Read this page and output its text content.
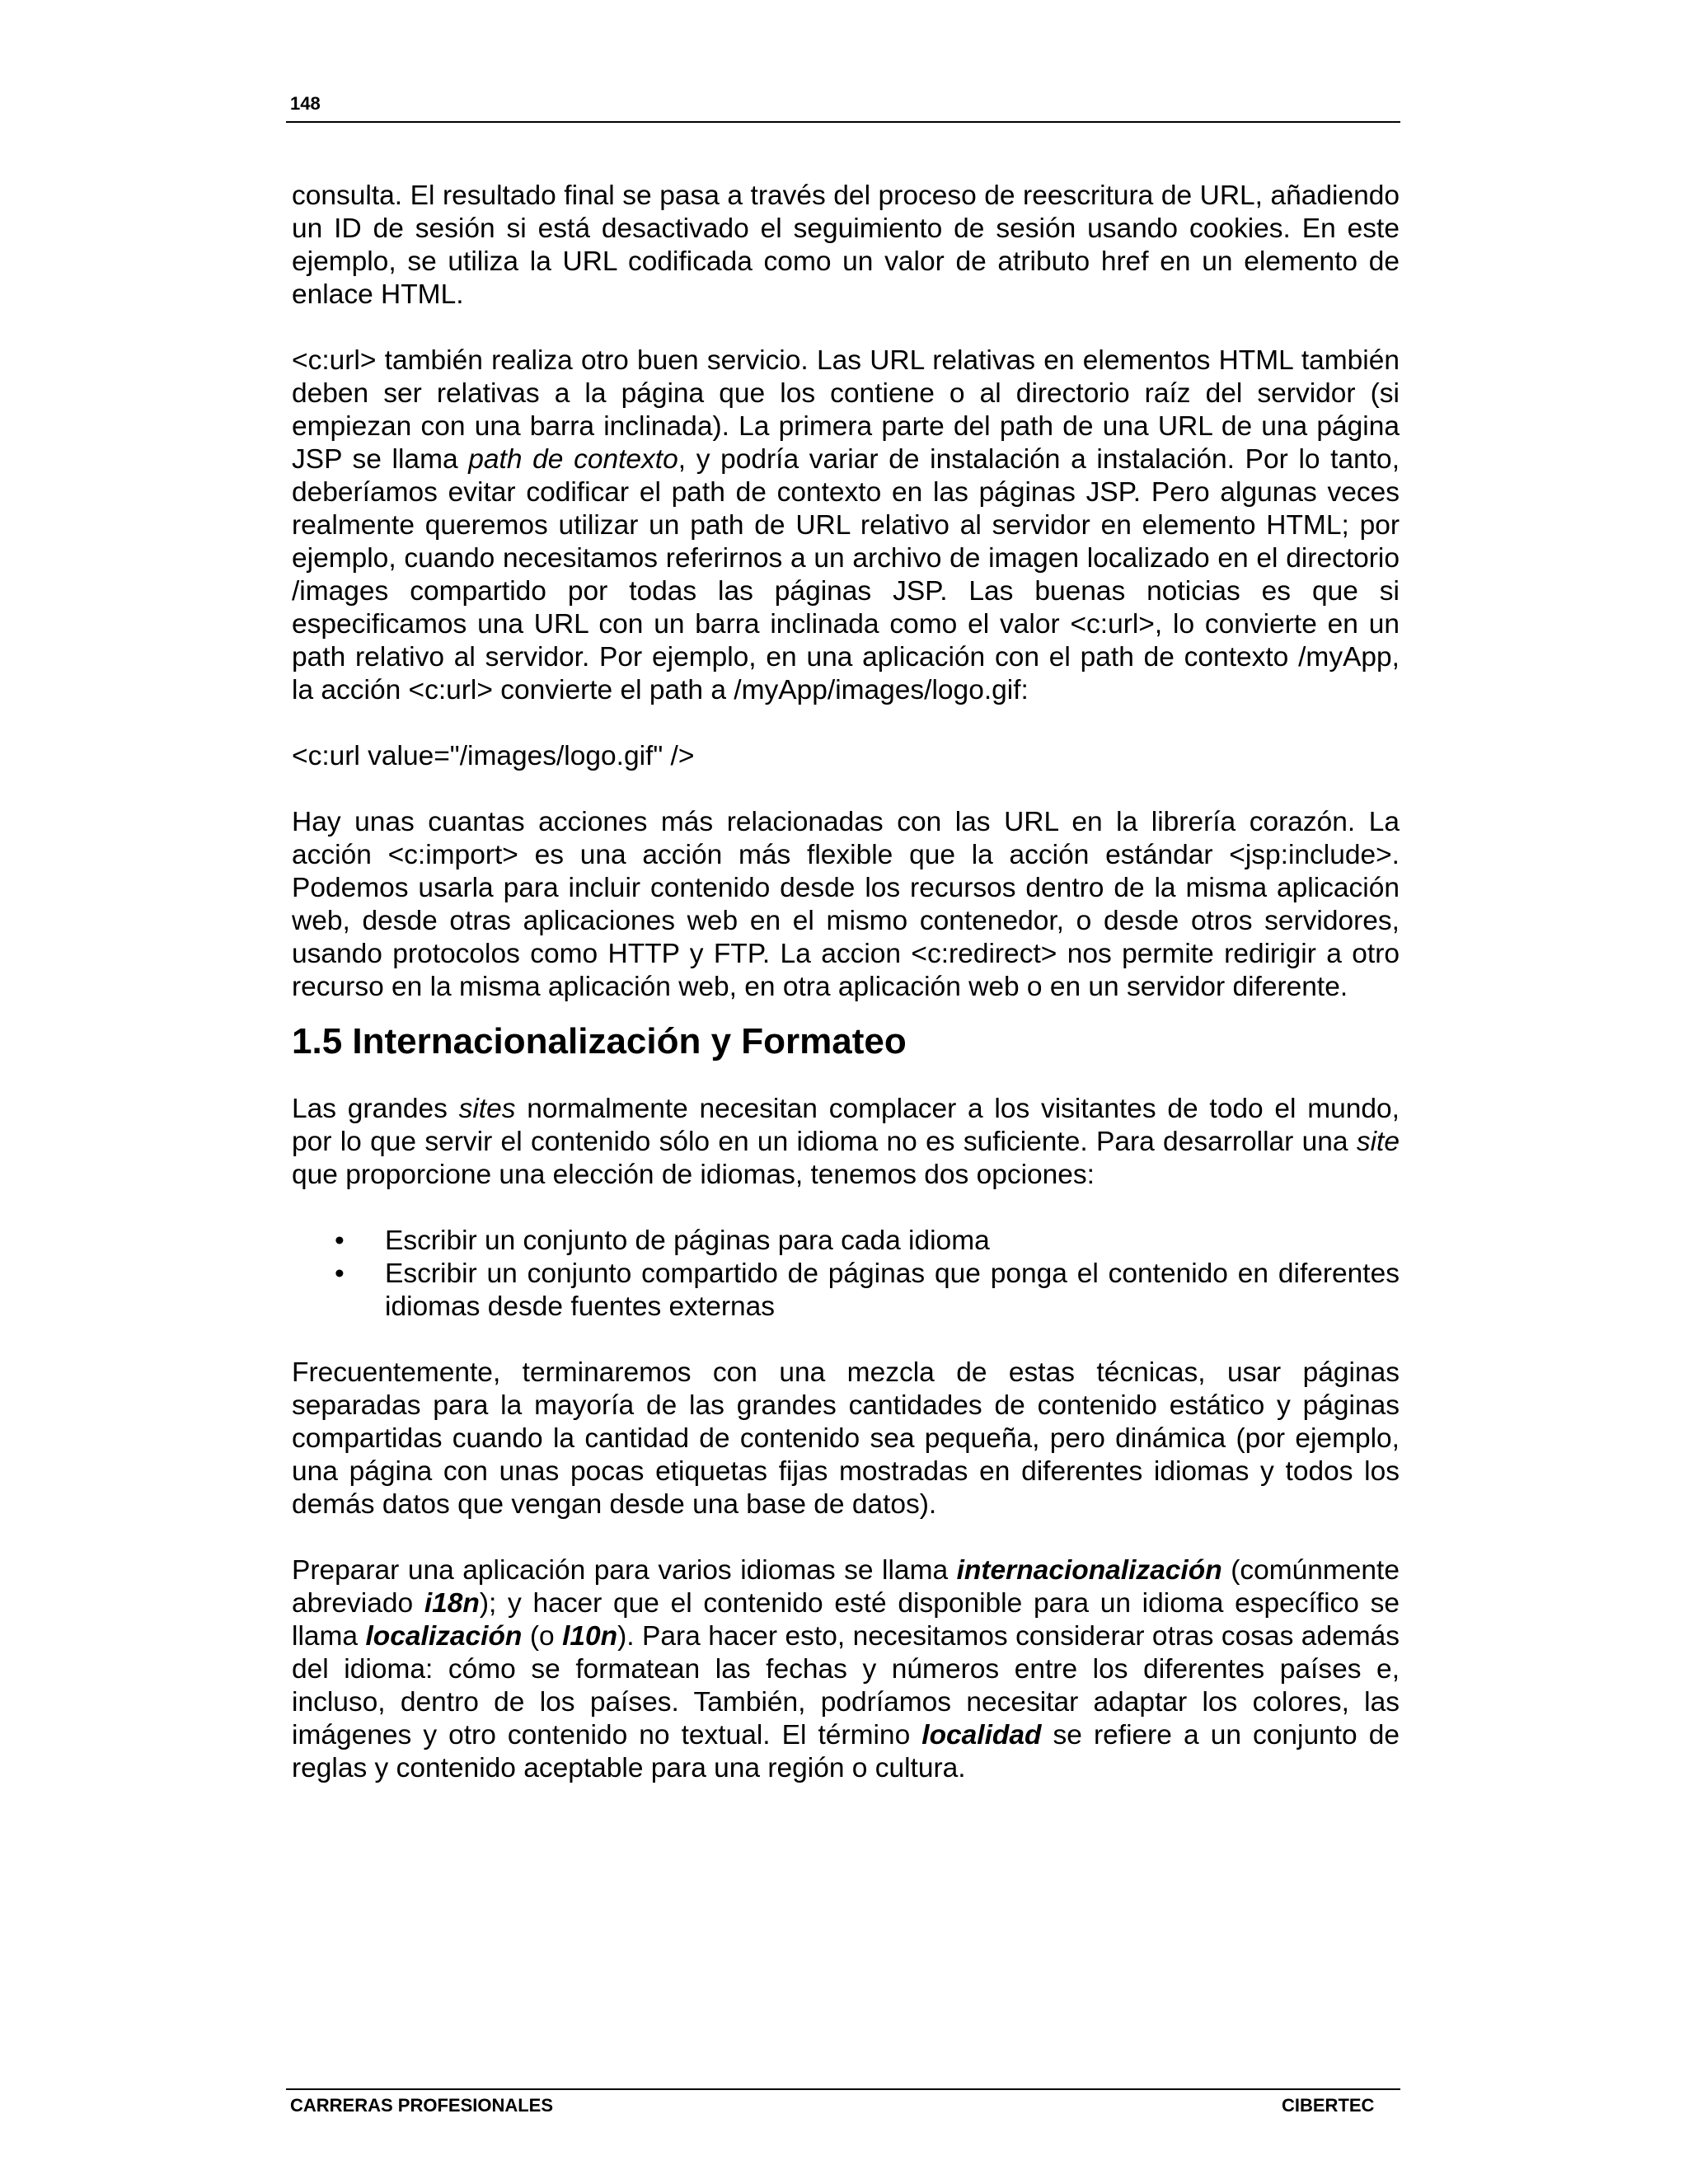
148

consulta. El resultado final se pasa a través del proceso de reescritura de URL, añadiendo un ID de sesión si está desactivado el seguimiento de sesión usando cookies. En este ejemplo, se utiliza la URL codificada como un valor de atributo href en un elemento de enlace HTML.

<c:url> también realiza otro buen servicio. Las URL relativas en elementos HTML también deben ser relativas a la página que los contiene o al directorio raíz del servidor (si empiezan con una barra inclinada). La primera parte del path de una URL de una página JSP se llama path de contexto, y podría variar de instalación a instalación. Por lo tanto, deberíamos evitar codificar el path de contexto en las páginas JSP. Pero algunas veces realmente queremos utilizar un path de URL relativo al servidor en elemento HTML; por ejemplo, cuando necesitamos referirnos a un archivo de imagen localizado en el directorio /images compartido por todas las páginas JSP. Las buenas noticias es que si especificamos una URL con un barra inclinada como el valor <c:url>, lo convierte en un path relativo al servidor. Por ejemplo, en una aplicación con el path de contexto /myApp, la acción <c:url> convierte el path a /myApp/images/logo.gif:

<c:url value="/images/logo.gif" />

Hay unas cuantas acciones más relacionadas con las URL en la librería corazón. La acción <c:import> es una acción más flexible que la acción estándar <jsp:include>. Podemos usarla para incluir contenido desde los recursos dentro de la misma aplicación web, desde otras aplicaciones web en el mismo contenedor, o desde otros servidores, usando protocolos como HTTP y FTP. La accion <c:redirect> nos permite redirigir a otro recurso en la misma aplicación web, en otra aplicación web o en un servidor diferente.

1.5 Internacionalización y Formateo

Las grandes sites normalmente necesitan complacer a los visitantes de todo el mundo, por lo que servir el contenido sólo en un idioma no es suficiente. Para desarrollar una site que proporcione una elección de idiomas, tenemos dos opciones:

• Escribir un conjunto de páginas para cada idioma
• Escribir un conjunto compartido de páginas que ponga el contenido en diferentes idiomas desde fuentes externas

Frecuentemente, terminaremos con una mezcla de estas técnicas, usar páginas separadas para la mayoría de las grandes cantidades de contenido estático y páginas compartidas cuando la cantidad de contenido sea pequeña, pero dinámica (por ejemplo, una página con unas pocas etiquetas fijas mostradas en diferentes idiomas y todos los demás datos que vengan desde una base de datos).

Preparar una aplicación para varios idiomas se llama internacionalización (comúnmente abreviado i18n); y hacer que el contenido esté disponible para un idioma específico se llama localización (o l10n). Para hacer esto, necesitamos considerar otras cosas además del idioma: cómo se formatean las fechas y números entre los diferentes países e, incluso, dentro de los países. También, podríamos necesitar adaptar los colores, las imágenes y otro contenido no textual. El término localidad se refiere a un conjunto de reglas y contenido aceptable para una región o cultura.

CARRERAS PROFESIONALES	CIBERTEC
